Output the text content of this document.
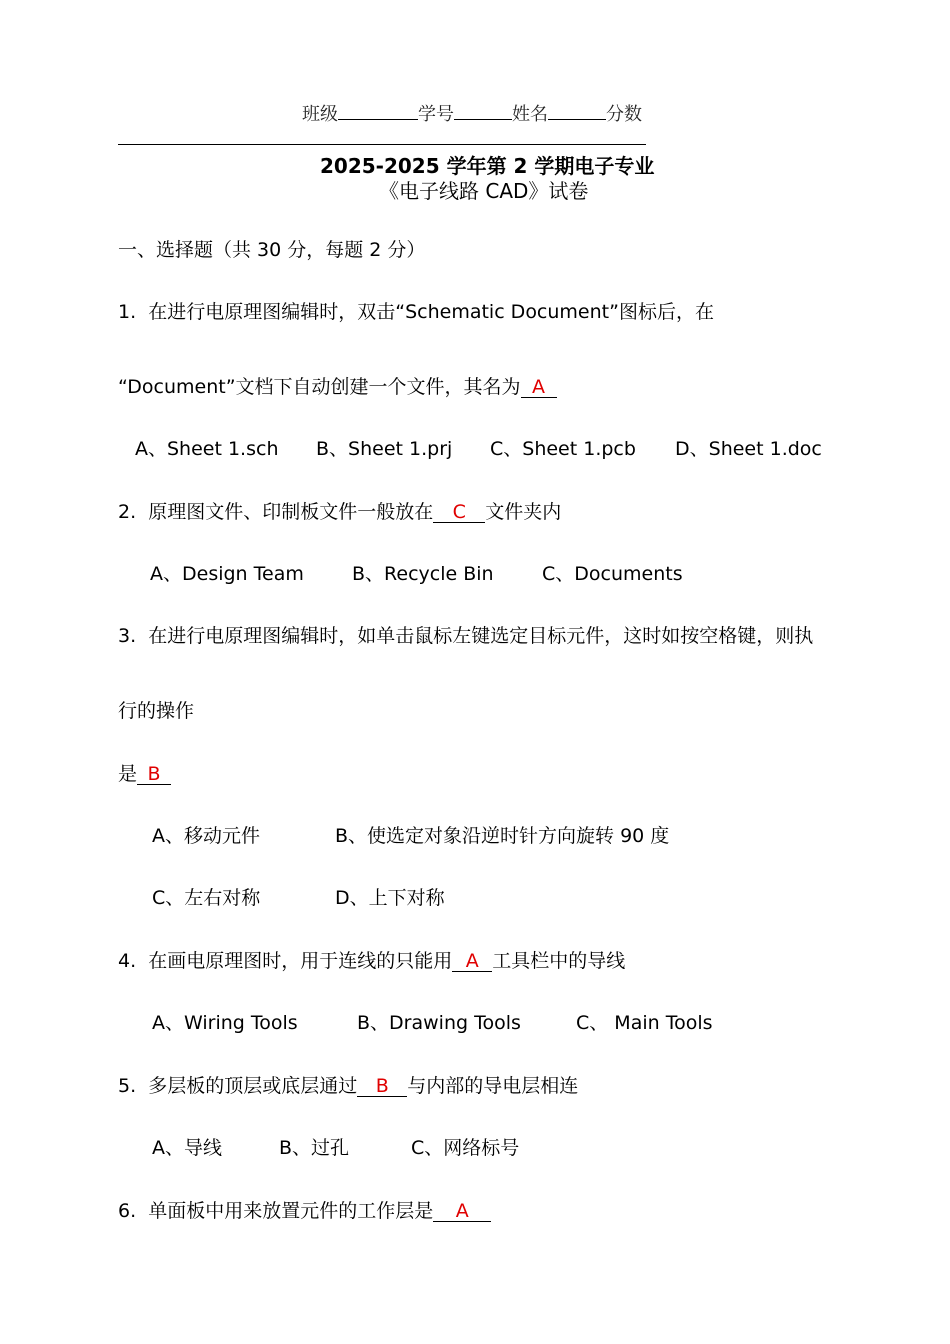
班级	学号	姓名	分数
2025-2025 学年第 2 学期电子专业
《电子线路 CAD》试卷
一、选择题（共 30 分，每题 2 分）
1. 在进行电原理图编辑时，双击“Schematic Document”图标后，在
“Document”文档下自动创建一个文件，其名为 A
A、Sheet 1.sch B、Sheet 1.prj C、Sheet 1.pcb D、Sheet 1.doc
2. 原理图文件、印制板文件一般放在 C 文件夹内
A、Design Team	B、Recycle Bin	C、Documents
3. 在进行电原理图编辑时，如单击鼠标左键选定目标元件，这时如按空格键，则执
行的操作
是 B
A、移动元件	B、使选定对象沿逆时针方向旋转 90 度
C、左右对称	D、上下对称
4. 在画电原理图时，用于连线的只能用 A 工具栏中的导线
A、Wiring Tools	B、Drawing Tools	C、 Main Tools
5. 多层板的顶层或底层通过 B 与内部的导电层相连
A、导线	B、过孔	C、网络标号
6. 单面板中用来放置元件的工作层是 A
